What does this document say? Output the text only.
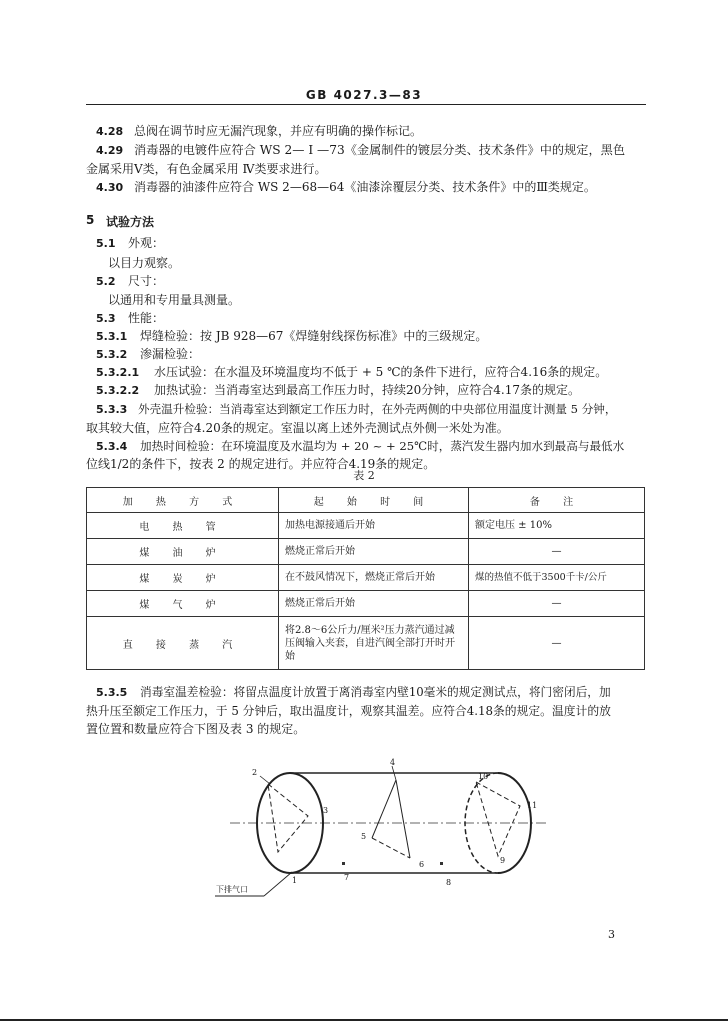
GB 4027.3—83
4.28 总阀在调节时应无漏汽现象，并应有明确的操作标记。
4.29 消毒器的电镀件应符合 WS 2— Ⅰ —73《金属制件的镀层分类、技术条件》中的规定，黑色
金属采用Ⅴ类，有色金属采用 Ⅳ类要求进行。
4.30 消毒器的油漆件应符合 WS 2—68—64《油漆涂覆层分类、技术条件》中的Ⅲ类规定。
5 试验方法
5.1 外观：
以目力观察。
5.2 尺寸：
以通用和专用量具测量。
5.3 性能：
5.3.1 焊缝检验：按 JB 928—67《焊缝射线探伤标准》中的三级规定。
5.3.2 渗漏检验：
5.3.2.1 水压试验：在水温及环境温度均不低于 + 5 ℃的条件下进行，应符合4.16条的规定。
5.3.2.2 加热试验：当消毒室达到最高工作压力时，持续20分钟，应符合4.17条的规定。
5.3.3 外壳温升检验：当消毒室达到额定工作压力时，在外壳两侧的中央部位用温度计测量 5 分钟，
取其较大值，应符合4.20条的规定。室温以离上述外壳测试点外侧一米处为准。
5.3.4 加热时间检验：在环境温度及水温均为 + 20 ~ + 25℃时，蒸汽发生器内加水到最高与最低水
位线1/2的条件下，按表 2 的规定进行。并应符合4.19条的规定。
表 2
加 热 方 式	起 始 时 间	备 注
电 热 管	加热电源接通后开始	额定电压 ± 10%
煤 油 炉	燃烧正常后开始	—
煤 炭 炉	在不鼓风情况下，燃烧正常后开始	煤的热值不低于3500千卡/公斤
煤 气 炉	燃烧正常后开始	—
直 接 蒸 汽	将2.8～6公斤力/厘米²压力蒸汽通过减压阀输入夹套，自进汽阀全部打开时开始	—
5.3.5 消毒室温差检验：将留点温度计放置于离消毒室内壁10毫米的规定测试点，将门密闭后，加
热升压至额定工作压力，于 5 分钟后，取出温度计，观察其温差。应符合4.18条的规定。温度计的放
置位置和数量应符合下图及表 3 的规定。
1
2
3
4
5
6
7
8
9
10
11
下排气口
3
